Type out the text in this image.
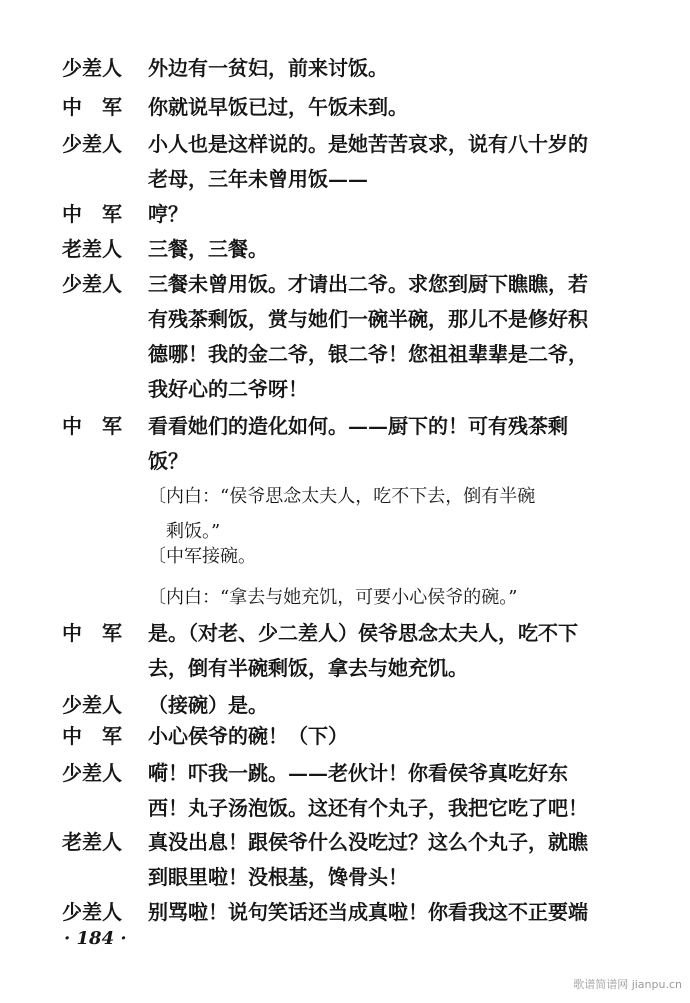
少差人 外边有一贫妇，前来讨饭。
中　军 你就说早饭已过，午饭未到。
少差人 小人也是这样说的。是她苦苦哀求，说有八十岁的
老母，三年未曾用饭——
中　军 哼？
老差人 三餐，三餐。
少差人 三餐未曾用饭。才请出二爷。求您到厨下瞧瞧，若
有残茶剩饭，赏与她们一碗半碗，那儿不是修好积
德哪！我的金二爷，银二爷！您祖祖辈辈是二爷，
我好心的二爷呀！
中　军 看看她们的造化如何。——厨下的！可有残茶剩
饭？
〔内白：“侯爷思念太夫人，吃不下去，倒有半碗
　剩饭。”
〔中军接碗。
〔内白：“拿去与她充饥，可要小心侯爷的碗。”
中　军 是。（对老、少二差人）侯爷思念太夫人，吃不下
去，倒有半碗剩饭，拿去与她充饥。
少差人 （接碗）是。
中　军 小心侯爷的碗！（下）
少差人 嗬！吓我一跳。——老伙计！你看侯爷真吃好东
西！丸子汤泡饭。这还有个丸子，我把它吃了吧！
老差人 真没出息！跟侯爷什么没吃过？这么个丸子，就瞧
到眼里啦！没根基，馋骨头！
少差人 别骂啦！说句笑话还当成真啦！你看我这不正要端
· 184 ·
歌谱简谱网 jianpu.cn
